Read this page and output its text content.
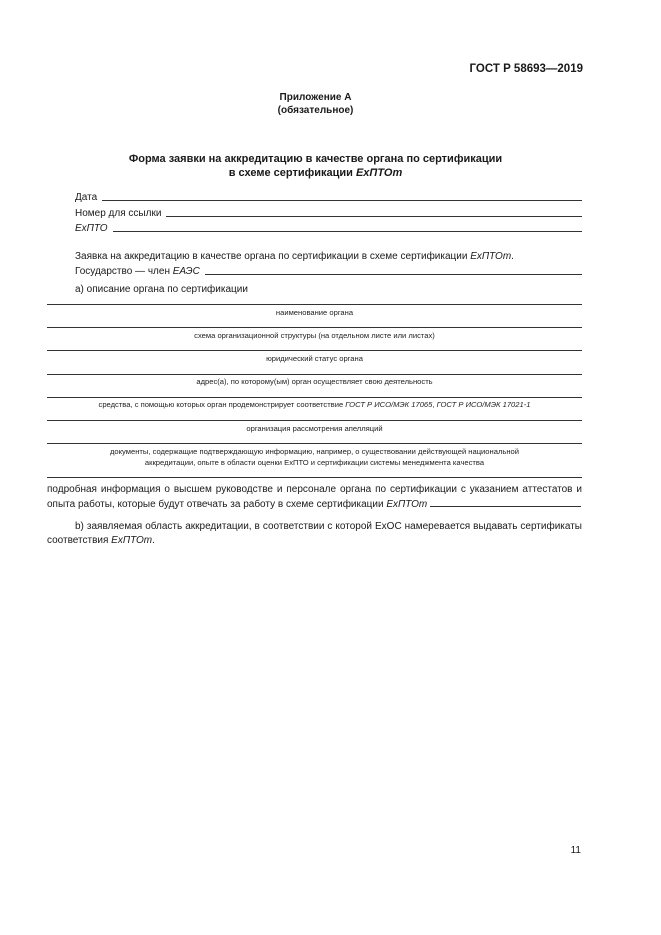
ГОСТ Р 58693—2019
Приложение А
(обязательное)
Форма заявки на аккредитацию в качестве органа по сертификации
в схеме сертификации ExПТОт
Дата
Номер для ссылки
ExПТО
Заявка на аккредитацию в качестве органа по сертификации в схеме сертификации ExПТОт.
Государство — член ЕАЭС
а) описание органа по сертификации
наименование органа
схема организационной структуры (на отдельном листе или листах)
юридический статус органа
адрес(а), по которому(ым) орган осуществляет свою деятельность
средства, с помощью которых орган продемонстрирует соответствие ГОСТ Р ИСО/МЭК 17065, ГОСТ Р ИСО/МЭК 17021-1
организация рассмотрения апелляций
документы, содержащие подтверждающую информацию, например, о существовании действующей национальной
аккредитации, опыте в области оценки ExПТО и сертификации системы менеджмента качества
подробная информация о высшем руководстве и персонале органа по сертификации с указанием аттестатов и
опыта работы, которые будут отвечать за работу в схеме сертификации ExПТОт
b) заявляемая область аккредитации, в соответствии с которой ExОС намеревается выдавать сертификаты
соответствия ExПТОт.
11
